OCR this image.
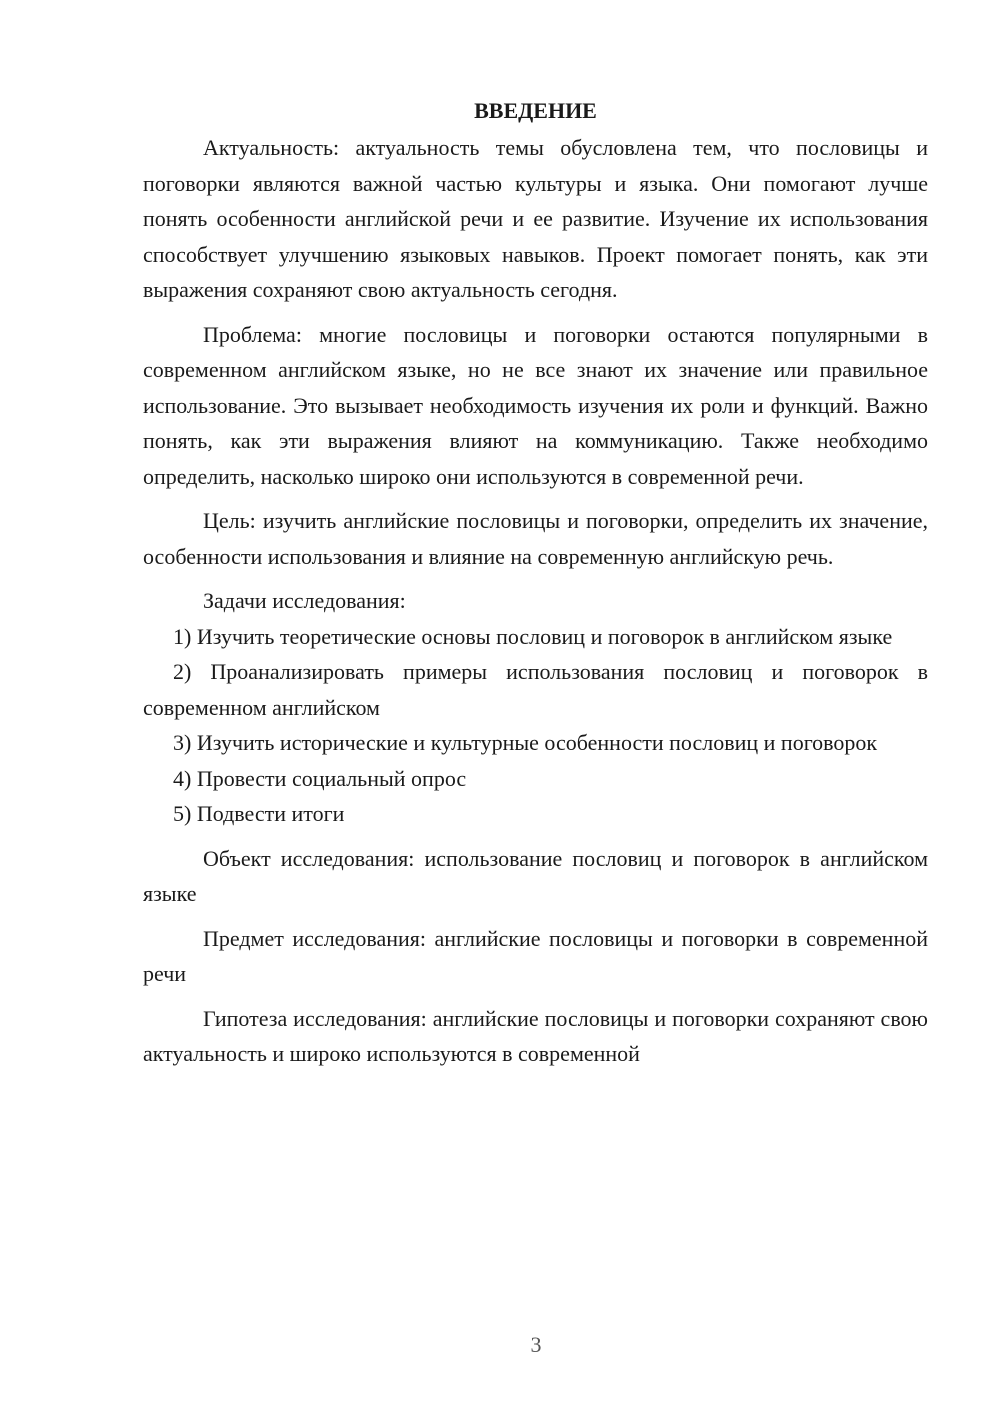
ВВЕДЕНИЕ

Актуальность: актуальность темы обусловлена тем, что пословицы и поговорки являются важной частью культуры и языка. Они помогают лучше понять особенности английской речи и ее развитие. Изучение их использования способствует улучшению языковых навыков. Проект помогает понять, как эти выражения сохраняют свою актуальность сегодня.

Проблема: многие пословицы и поговорки остаются популярными в современном английском языке, но не все знают их значение или правильное использование. Это вызывает необходимость изучения их роли и функций. Важно понять, как эти выражения влияют на коммуникацию. Также необходимо определить, насколько широко они используются в современной речи.

Цель: изучить английские пословицы и поговорки, определить их значение, особенности использования и влияние на современную английскую речь.

Задачи исследования:

1) Изучить теоретические основы пословиц и поговорок в английском языке

2) Проанализировать примеры использования пословиц и поговорок в современном английском

3) Изучить исторические и культурные особенности пословиц и поговорок

4) Провести социальный опрос

5) Подвести итоги

Объект исследования: использование пословиц и поговорок в английском языке

Предмет исследования: английские пословицы и поговорки в современной речи

Гипотеза исследования: английские пословицы и поговорки сохраняют свою актуальность и широко используются в современной

3
